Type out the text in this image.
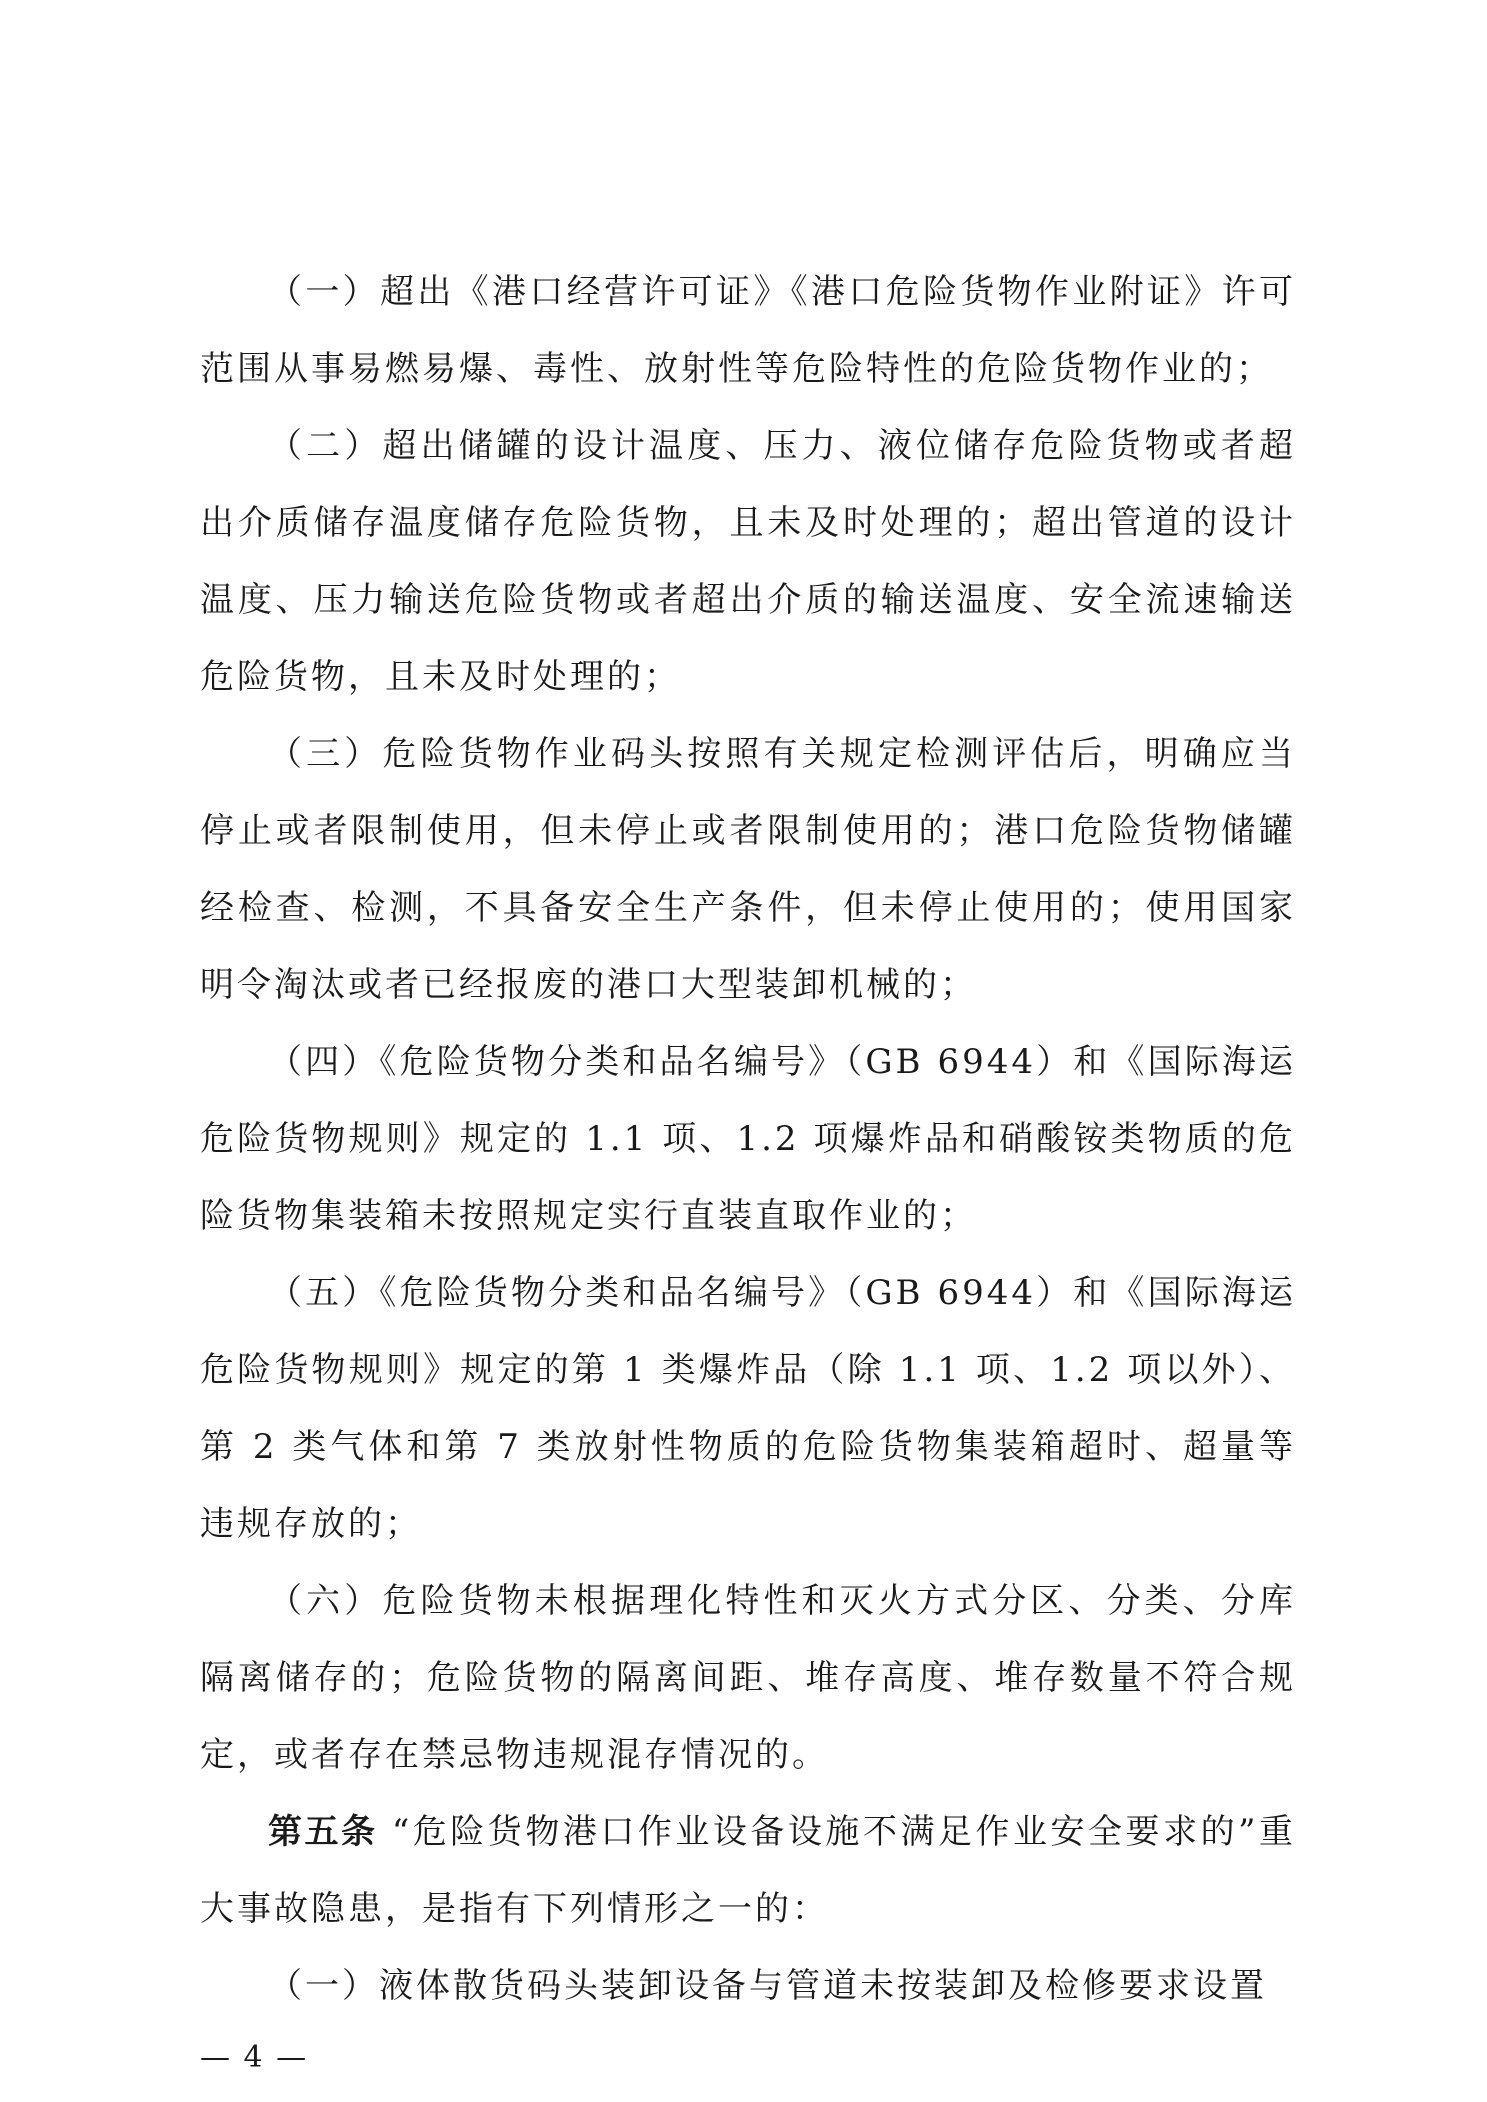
（一）超出《港口经营许可证》《港口危险货物作业附证》许可范围从事易燃易爆、毒性、放射性等危险特性的危险货物作业的；

（二）超出储罐的设计温度、压力、液位储存危险货物或者超出介质储存温度储存危险货物，且未及时处理的；超出管道的设计温度、压力输送危险货物或者超出介质的输送温度、安全流速输送危险货物，且未及时处理的；

（三）危险货物作业码头按照有关规定检测评估后，明确应当停止或者限制使用，但未停止或者限制使用的；港口危险货物储罐经检查、检测，不具备安全生产条件，但未停止使用的；使用国家明令淘汰或者已经报废的港口大型装卸机械的；

（四）《危险货物分类和品名编号》（GB 6944）和《国际海运危险货物规则》规定的 1.1 项、1.2 项爆炸品和硝酸铵类物质的危险货物集装箱未按照规定实行直装直取作业的；

（五）《危险货物分类和品名编号》（GB 6944）和《国际海运危险货物规则》规定的第 1 类爆炸品（除 1.1 项、1.2 项以外）、第 2 类气体和第 7 类放射性物质的危险货物集装箱超时、超量等违规存放的；

（六）危险货物未根据理化特性和灭火方式分区、分类、分库隔离储存的；危险货物的隔离间距、堆存高度、堆存数量不符合规定，或者存在禁忌物违规混存情况的。

第五条 “危险货物港口作业设备设施不满足作业安全要求的”重大事故隐患，是指有下列情形之一的：

（一）液体散货码头装卸设备与管道未按装卸及检修要求设置

— 4 —
